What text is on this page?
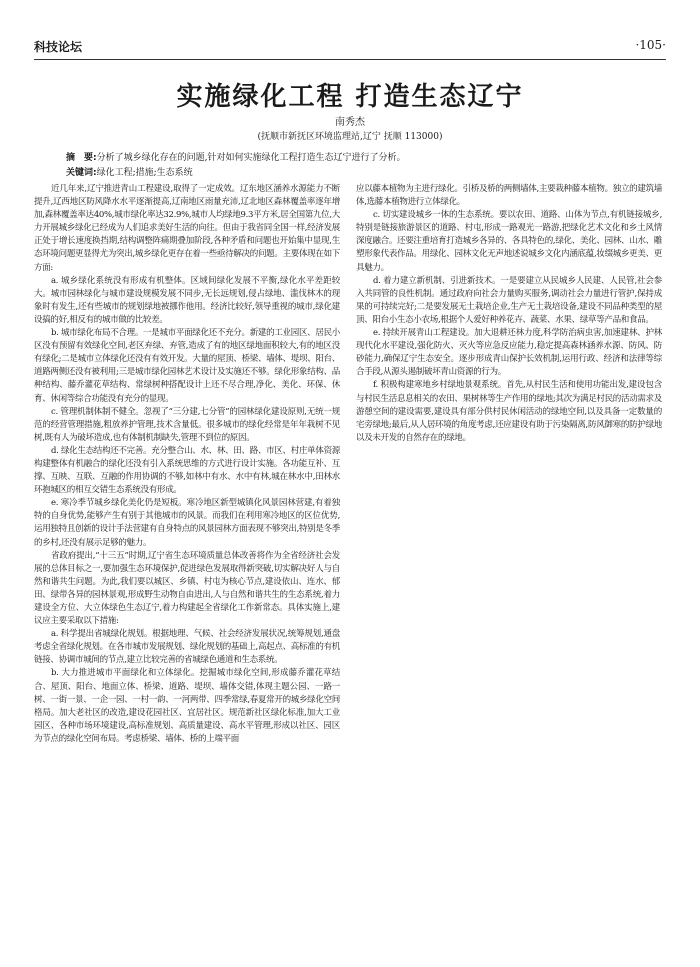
科技论坛	·105·
实施绿化工程 打造生态辽宁
南秀杰
(抚顺市新抚区环境监理站,辽宁 抚顺 113000)
摘　要:分析了城乡绿化存在的问题,针对如何实施绿化工程打造生态辽宁进行了分析。
关键词:绿化工程;措施;生态系统

近几年来,辽宁推进青山工程建设,取得了一定成效。辽东地区涵养水源能力不断提升,辽西地区防风降水水平逐渐提高,辽南地区雨量充沛,辽北地区森林覆盖率逐年增加,森林覆盖率达40%,城市绿化率达32.9%,城市人均绿地9.3平方米,居全国第九位,大力开展城乡绿化已经成为人们追求美好生活的向往。但由于我省同全国一样,经济发展正处于增长速度换挡期,结构调整阵痛期叠加阶段,各种矛盾和问题也开始集中显现,生态环境问题更显得尤为突出,城乡绿化更存在着一些亟待解决的问题。主要体现在如下方面:

a. 城乡绿化系统没有形成有机整体。区域间绿化发展不平衡,绿化水平差距较大。城市园林绿化与城市建设规模发展不同步,无长远规划,侵占绿地、滥伐林木的现象时有发生,还有些城市的规划绿地被挪作他用。经济比较好,领导重视的城市,绿化建设搞的好,相反有的城市做的比较差。

b. 城市绿化布局不合理。一是城市平面绿化还不充分。新建的工业园区、居民小区没有预留有效绿化空间,老区弃绿、弃管,造成了有的地区绿地面积较大,有的地区没有绿化;二是城市立体绿化还没有有效开发。大量的屋顶、桥梁、墙体、堤坝、阳台、道路两侧还没有被利用;三是城市绿化园林艺术设计及实施还不够。绿化形象结构、品种结构、藤乔灌花草结构、常绿树种搭配设计上还不尽合理,净化、美化、环保、休育、休闲等综合功能没有充分的显现。

c. 管理机制体制不健全。忽视了“三分建,七分管”的园林绿化建设原则,无统一规范的经营管理措施,粗放养护管理,技术含量低。很多城市的绿化经常是年年栽树不见树,既有人为破坏造成,也有体制机制缺失,管理不到位的原因。

d. 绿化生态结构还不完善。充分整合山、水、林、田、路、市区、村庄单体资源构建整体有机融合的绿化还没有引入系统思维的方式进行设计实施。各功能互补、互撑、互映、互联、互融的作用协调的不够,如林中有水、水中有林,城在林水中,田林水环抱城区的相互交错生态系统没有形成。

e. 寒冷季节城乡绿化美化仍是短板。寒冷地区新型城镇化风景园林营建,有着独特的自身优势,能够产生有别于其他城市的风景。而我们在利用寒冷地区的区位优势,运用独特且创新的设计手法营建有自身特点的风景园林方面表现不够突出,特别是冬季的乡村,还没有展示足够的魅力。

省政府提出,“十三五”时期,辽宁省生态环境质量总体改善将作为全省经济社会发展的总体目标之一,要加强生态环境保护,促进绿色发展取得新突破,切实解决好人与自然和谐共生问题。为此,我们要以城区、乡镇、村屯为核心节点,建设依山、连水、郁田、绿带各异的园林景观,形成野生动物自由进出,人与自然和谐共生的生态系统,着力建设全方位、大立体绿色生态辽宁,着力构建起全省绿化工作新常态。具体实施上,建议应主要采取以下措施:

a. 科学提出省城绿化规划。根据地理、气候、社会经济发展状况,统筹规划,通盘考虑全省绿化规划。在各市城市发展规划、绿化规划的基础上,高起点、高标准的有机链接、协调市城间的节点,建立比较完善的省城绿色通道和生态系统。

b. 大力推进城市平面绿化和立体绿化。挖掘城市绿化空间,形成藤乔灌花草结合、屋顶、阳台、地面立体、桥梁、道路、堤坝、墙体交错,体现主题公园、一路一树、一街一景、一企一园、一村一韵、一河两带、四季常绿,春夏常开的城乡绿化空间格局。加大老社区的改造,建设花园社区、宜居社区。规范新社区绿化标准,加大工业园区、各种市场环境建设,高标准规划、高质量建设、高水平管理,形成以社区、园区为节点的绿化空间布局。考虑桥梁、墙体、桥的上端平面

应以藤本植物为主进行绿化。引桥及桥的两侧墙体,主要栽种藤本植物。独立的建筑墙体,选藤本植物进行立体绿化。

c. 切实建设城乡一体的生态系统。要以农田、道路、山体为节点,有机链接城乡,特别是链接旅游景区的道路、村屯,形成一路观光一路游,把绿化艺术文化和乡土风情深度融合。还要注重培育打造城乡各异的、各具特色的,绿化、美化、园林、山水、雕塑形象代表作品。用绿化、园林文化无声地述说城乡文化内涵底蕴,妆缀城乡更美、更具魅力。

d. 着力建立新机制、引进新技术。一是要建立从民城乡人民建、人民管,社会参入共同管的良性机制。通过政府向社会力量购买服务,调动社会力量进行管护,保持成果的可持续完好;二是要发展无土栽培企业,生产无土栽培设备,建设不同品种类型的屋顶、阳台小生态小农场,根据个人爱好种养花卉、蔬菜、水果、绿草等产品和食品。

e. 持续开展青山工程建设。加大退耕还林力度,科学防治病虫害,加速建林、护林现代化水平建设,强化防火、灭火等应急反应能力,稳定提高森林涵养水源、防风、防砂能力,确保辽宁生态安全。逐步形成青山保护长效机制,运用行政、经济和法律等综合手段,从源头遏制破坏青山资源的行为。

f. 积极构建寒地乡村绿地景观系统。首先,从村民生活和使用功能出发,建设包含与村民生活息息相关的农田、果树林等生产作用的绿地;其次为满足村民的活动需求及游憩空间的建设需要,建设具有部分供村民休闲活动的绿地空间,以及具备一定数量的宅旁绿地;最后,从人居环境的角度考虑,还应建设有助于污染隔离,防风御寒的防护绿地以及未开发的自然存在的绿地。
